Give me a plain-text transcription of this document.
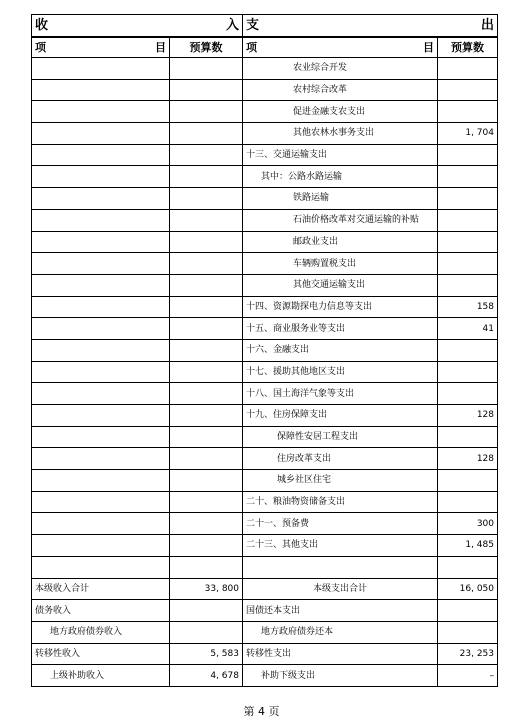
收 入		支 出	

项 目	预算数	项 目	预算数
		农业综合开发	
		农村综合改革	
		促进金融支农支出	
		其他农林水事务支出	1, 704
		十三、交通运输支出	
		其中：公路水路运输	
		铁路运输	
		石油价格改革对交通运输的补贴	
		邮政业支出	
		车辆购置税支出	
		其他交通运输支出	
		十四、资源勘探电力信息等支出	158
		十五、商业服务业等支出	41
		十六、金融支出	
		十七、援助其他地区支出	
		十八、国土海洋气象等支出	
		十九、住房保障支出	128
		保障性安居工程支出	
		住房改革支出	128
		城乡社区住宅	
		二十、粮油物资储备支出	
		二十一、预备费	300
		二十三、其他支出	1, 485

本级收入合计	33, 800	本级支出合计	16, 050
债务收入		国债还本支出	
地方政府债券收入		地方政府债券还本	
转移性收入	5, 583	转移性支出	23, 253
上级补助收入	4, 678	补助下级支出	–
第 4 页
